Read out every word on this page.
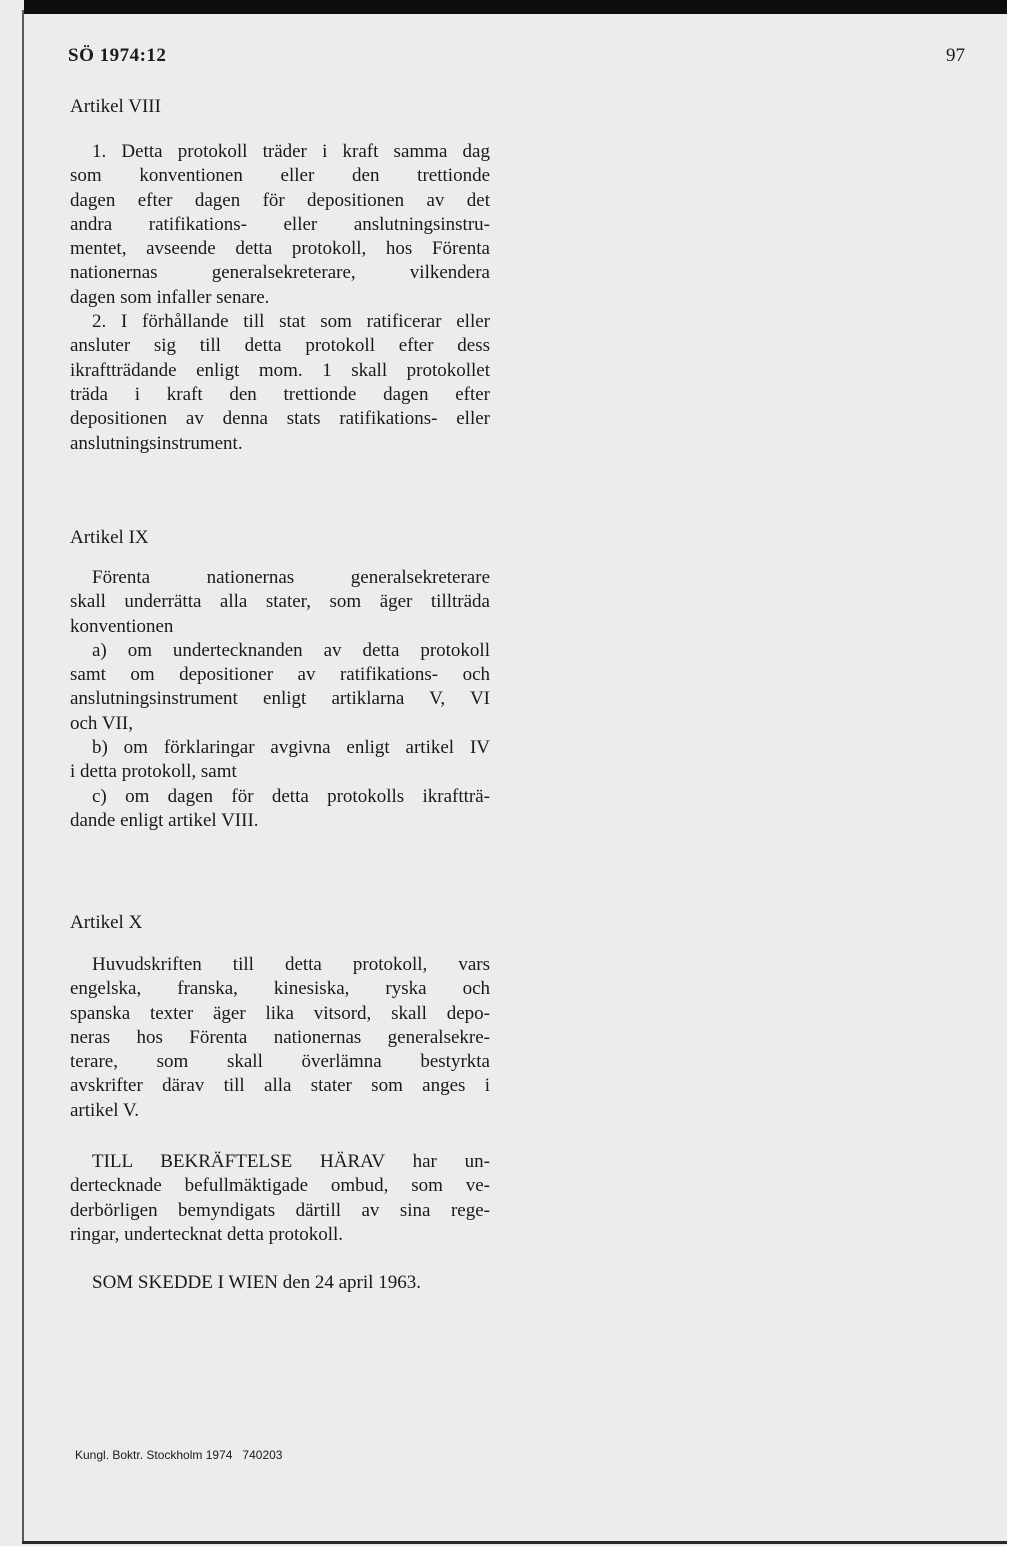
SÖ 1974:12	97
Artikel VIII
1. Detta protokoll träder i kraft samma dag
som konventionen eller den trettionde
dagen efter dagen för depositionen av det
andra ratifikations- eller anslutningsinstru-
mentet, avseende detta protokoll, hos Förenta
nationernas generalsekreterare, vilkendera
dagen som infaller senare.
2. I förhållande till stat som ratificerar eller
ansluter sig till detta protokoll efter dess
ikraftträdande enligt mom. 1 skall protokollet
träda i kraft den trettionde dagen efter
depositionen av denna stats ratifikations- eller
anslutningsinstrument.
Artikel IX
Förenta nationernas generalsekreterare
skall underrätta alla stater, som äger tillträda
konventionen
a) om undertecknanden av detta protokoll
samt om depositioner av ratifikations- och
anslutningsinstrument enligt artiklarna V, VI
och VII,
b) om förklaringar avgivna enligt artikel IV
i detta protokoll, samt
c) om dagen för detta protokolls ikraftträ-
dande enligt artikel VIII.
Artikel X
Huvudskriften till detta protokoll, vars
engelska, franska, kinesiska, ryska och
spanska texter äger lika vitsord, skall depo-
neras hos Förenta nationernas generalsekre-
terare, som skall överlämna bestyrkta
avskrifter därav till alla stater som anges i
artikel V.
TILL BEKRÄFTELSE HÄRAV har un-
dertecknade befullmäktigade ombud, som ve-
derbörligen bemyndigats därtill av sina rege-
ringar, undertecknat detta protokoll.
SOM SKEDDE I WIEN den 24 april 1963.
Kungl. Boktr. Stockholm 1974   740203
